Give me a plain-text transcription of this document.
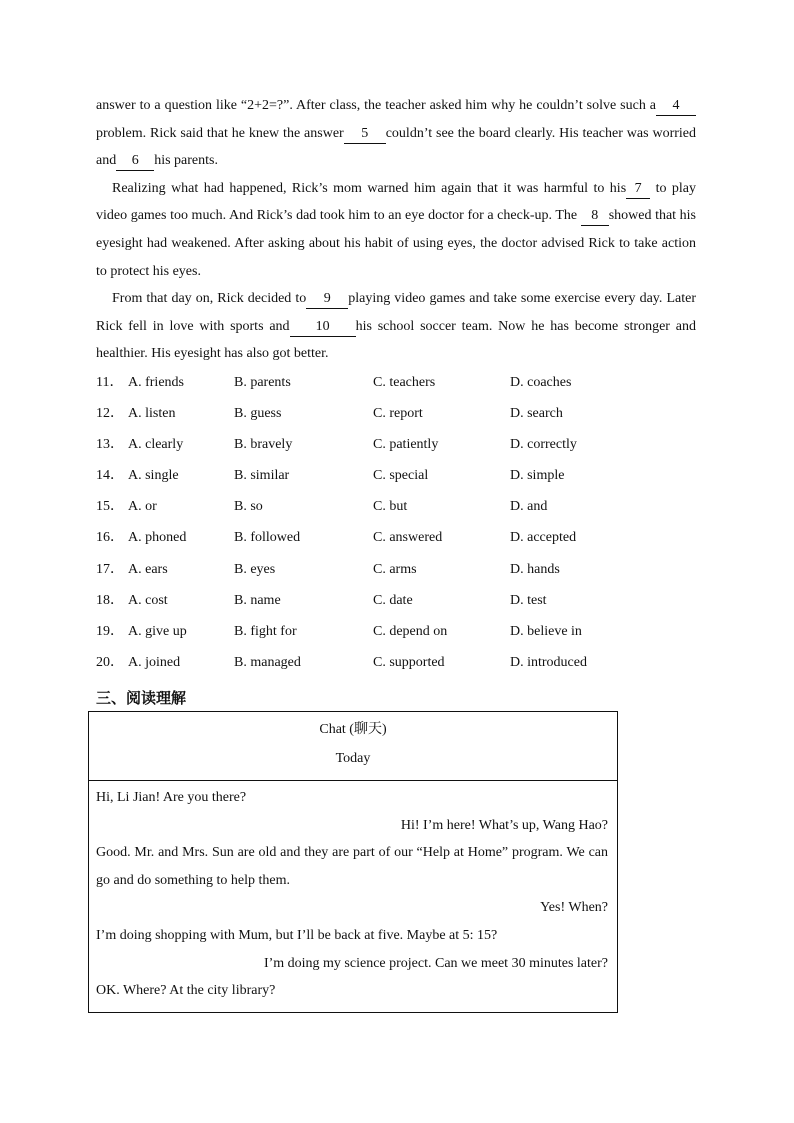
answer to a question like “2+2=?”. After class, the teacher asked him why he couldn’t solve such a 4problem. Rick said that he knew the answer 5 couldn’t see the board clearly. His teacher was worried and 6 his parents.

Realizing what had happened, Rick’s mom warned him again that it was harmful to his 7 to play video games too much. And Rick’s dad took him to an eye doctor for a check-up. The 8 showed that his eyesight had weakened. After asking about his habit of using eyes, the doctor advised Rick to take action to protect his eyes.

From that day on, Rick decided to 9 playing video games and take some exercise every day. Later Rick fell in love with sports and 10 his school soccer team. Now he has become stronger and healthier. His eyesight has also got better.

11． A. friends	B. parents	C. teachers	D. coaches
12． A. listen	B. guess	C. report	D. search
13． A. clearly	B. bravely	C. patiently	D. correctly
14． A. single	B. similar	C. special	D. simple
15． A. or	B. so	C. but	D. and
16． A. phoned	B. followed	C. answered	D. accepted
17． A. ears	B. eyes	C. arms	D. hands
18． A. cost	B. name	C. date	D. test
19． A. give up	B. fight for	C. depend on	D. believe in
20． A. joined	B. managed	C. supported	D. introduced
三、阅读理解
Chat (聊天)
Today

Hi, Li Jian! Are you there?

Hi! I’m here! What’s up, Wang Hao?

Good. Mr. and Mrs. Sun are old and they are part of our “Help at Home” program. We can go and do something to help them.

Yes! When?

I’m doing shopping with Mum, but I’ll be back at five. Maybe at 5: 15?

I’m doing my science project. Can we meet 30 minutes later?

OK. Where? At the city library?
